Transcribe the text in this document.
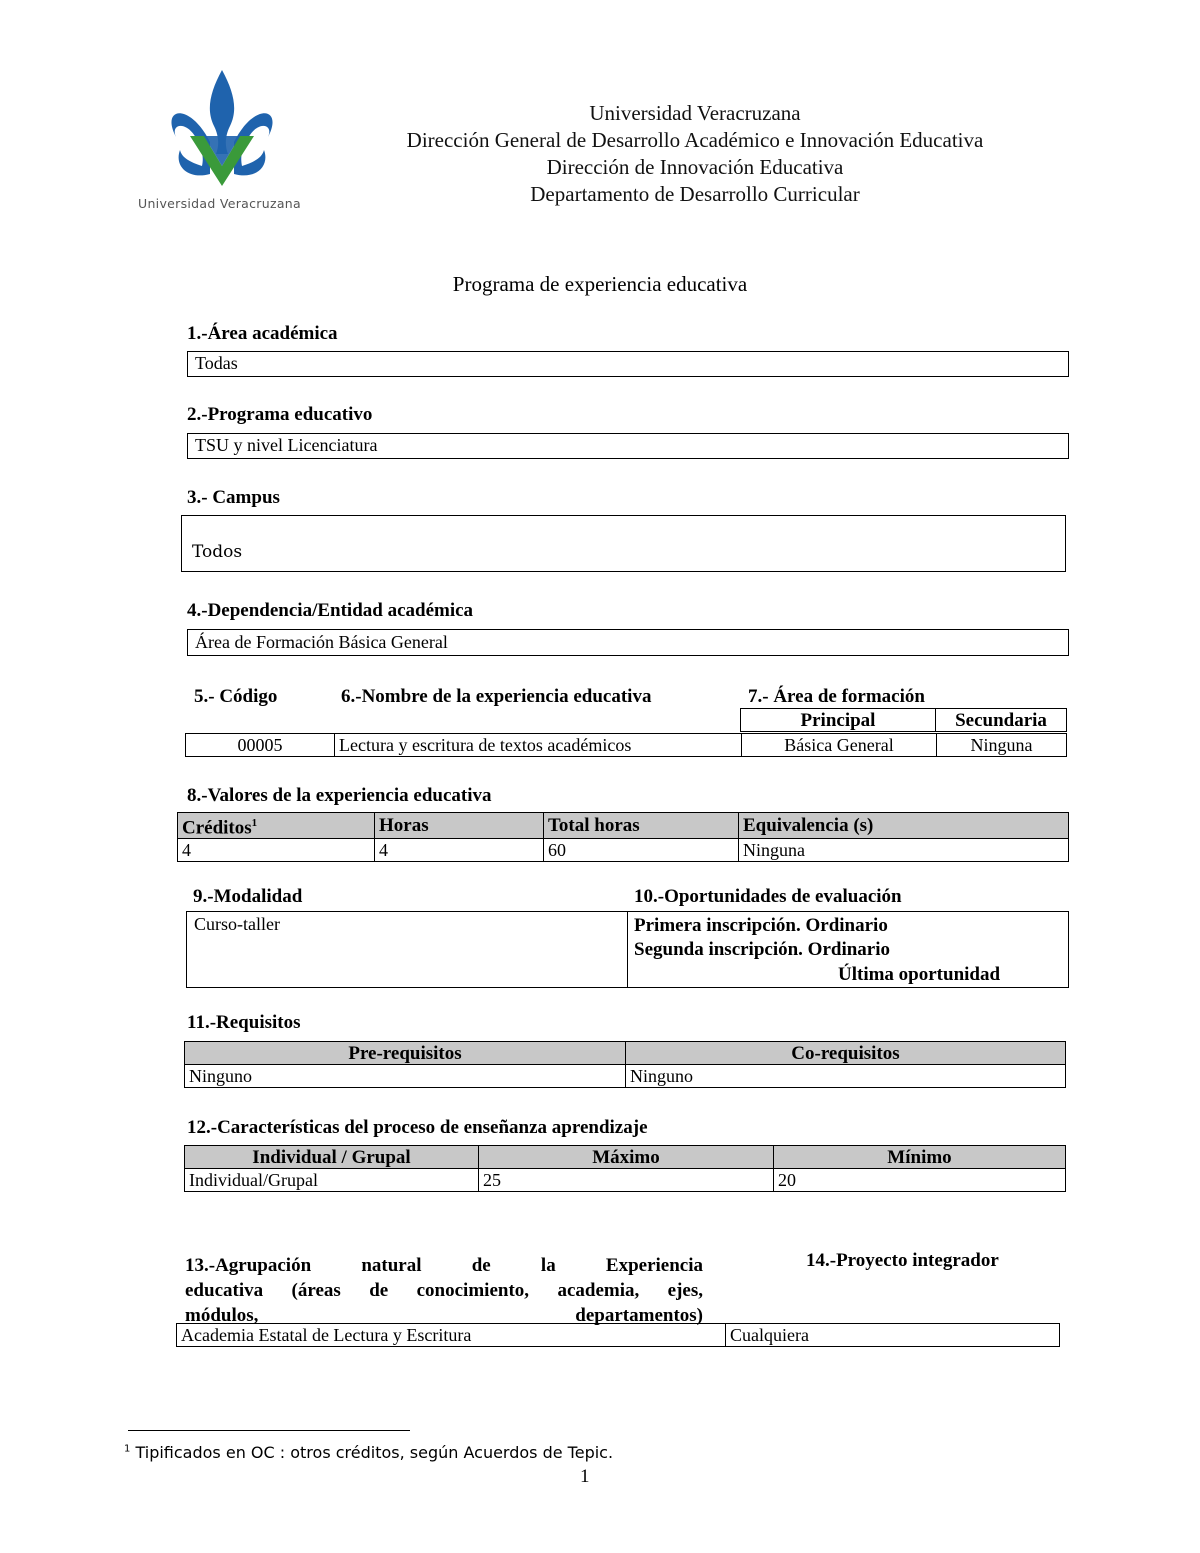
Universidad Veracruzana
Universidad Veracruzana
Dirección General de Desarrollo Académico e Innovación Educativa
Dirección de Innovación Educativa
Departamento de Desarrollo Curricular
Programa de experiencia educativa
1.-Área académica
Todas
2.-Programa educativo
TSU y nivel Licenciatura
3.- Campus
Todos
4.-Dependencia/Entidad académica
Área de Formación Básica General
5.- Código	6.-Nombre de la experiencia educativa	7.- Área de formación
Principal	Secundaria
00005	Lectura y escritura de textos académicos	Básica General	Ninguna
8.-Valores de la experiencia educativa
Créditos$^1$	Horas	Total horas	Equivalencia (s)
4	4	60	Ninguna
9.-Modalidad	10.-Oportunidades de evaluación
Curso-taller	Primera inscripción. Ordinario
Segunda inscripción. Ordinario
Última oportunidad
11.-Requisitos
Pre-requisitos	Co-requisitos
Ninguno	Ninguno
12.-Características del proceso de enseñanza aprendizaje
Individual / Grupal	Máximo	Mínimo
Individual/Grupal	25	20
13.-Agrupación natural de la Experiencia
educativa (áreas de conocimiento, academia, ejes,
módulos,	departamentos)
14.-Proyecto integrador
Academia Estatal de Lectura y Escritura	Cualquiera
$^1$ Tipificados en OC : otros créditos, según Acuerdos de Tepic.
1
